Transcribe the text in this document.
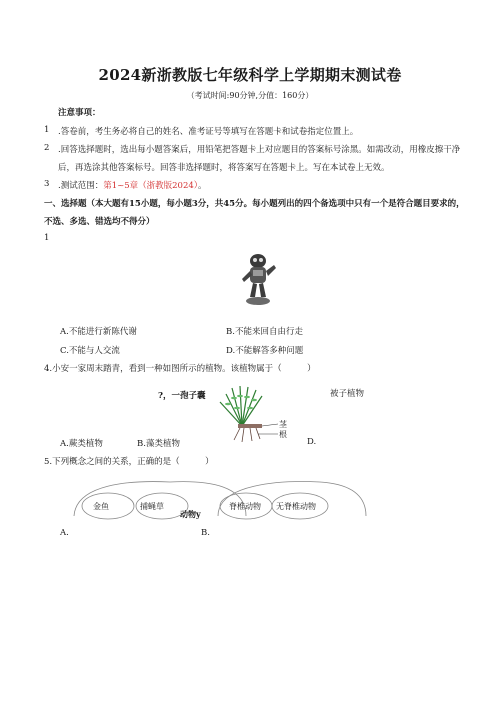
2024新浙教版七年级科学上学期期末测试卷
（考试时间:90分钟,分值：160分）
注意事项：
1 .答卷前，考生务必将自己的姓名、准考证号等填写在答题卡和试卷指定位置上。
2 .回答选择题时，选出每小题答案后，用铅笔把答题卡上对应题目的答案标号涂黑。如需改动，用橡皮擦干净
后，再选涂其他答案标号。回答非选择题时，将答案写在答题卡上。写在本试卷上无效。
3 .测试范围：第1~5章（浙教版2024）。
一、选择题（本大题有15小题，每小题3分，共45分。每小题列出的四个备选项中只有一个是符合题目要求的，
不选、多选、错选均不得分）
1
A.不能进行新陈代谢	B.不能来回自由行走
C.不能与人交流	D.不能解答多种问题
4.小安一家周末踏青，看到一种如图所示的植物。该植物属于（　　　）
?，一孢子囊
茎
根
被子植物
A.蕨类植物	B.藻类植物	D.
5.下列概念之间的关系，正确的是（　　　）
金鱼	捕蝇草
动物y
脊椎动物 无脊椎动物
A.	B.
